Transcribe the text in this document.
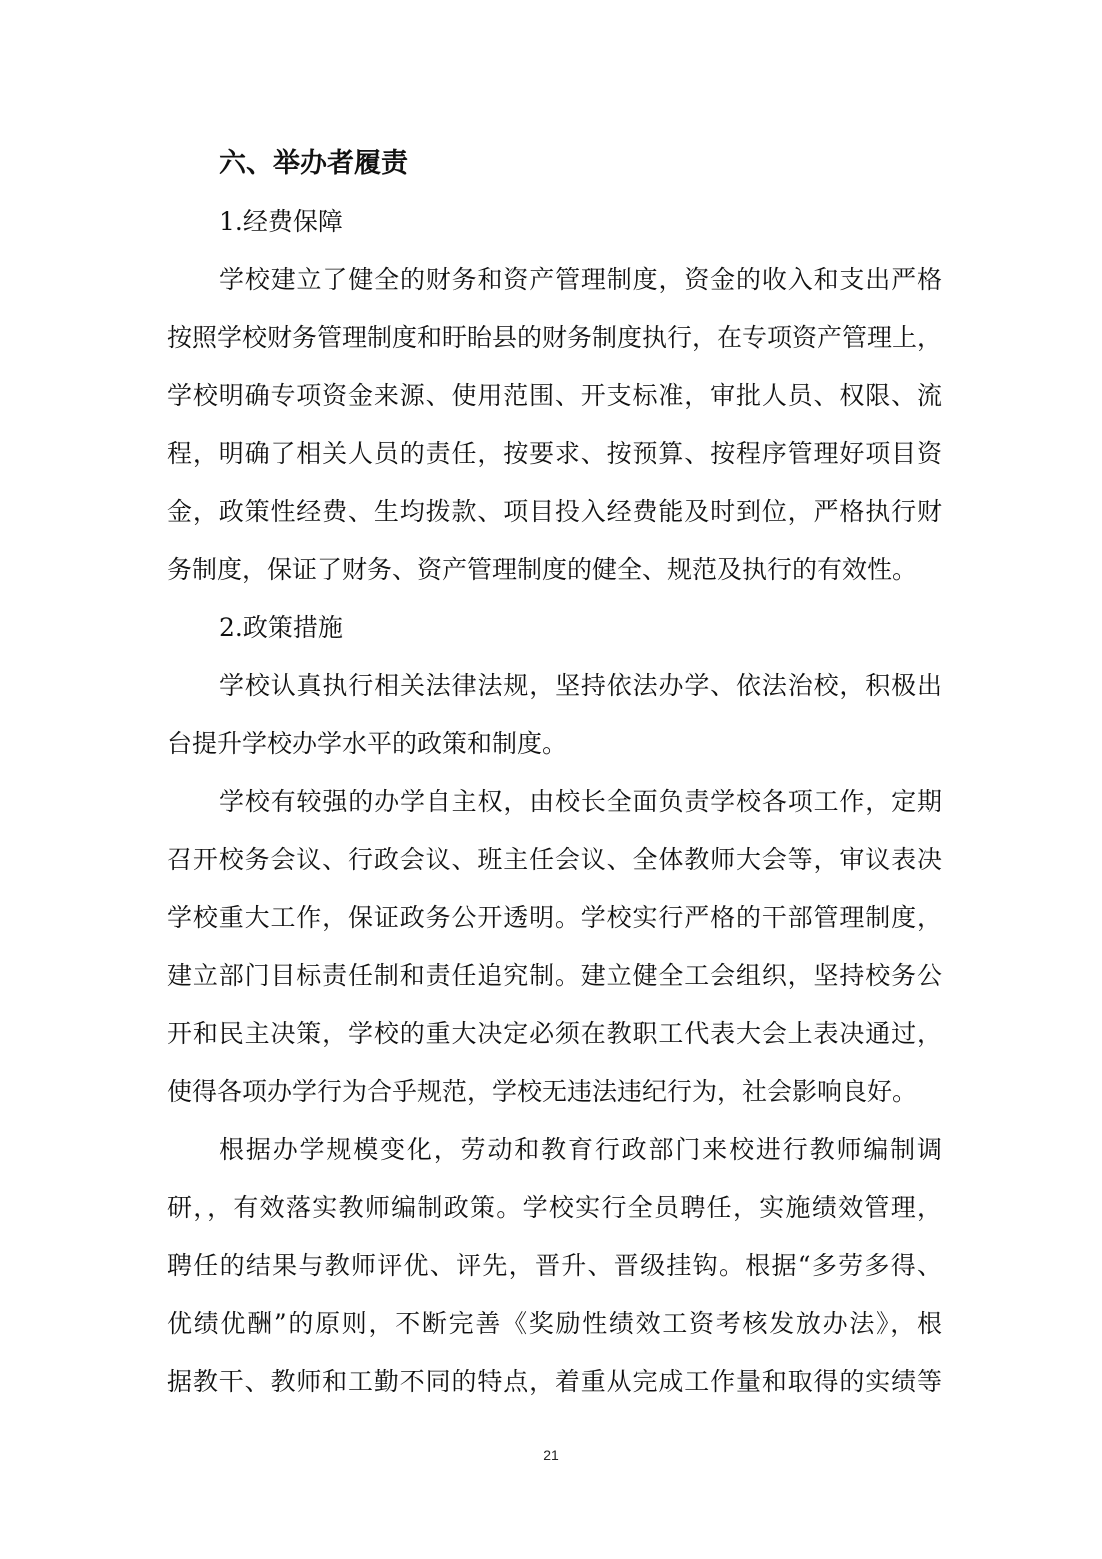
六、举办者履责
1.经费保障
学校建立了健全的财务和资产管理制度，资金的收入和支出严格
按照学校财务管理制度和盱眙县的财务制度执行，在专项资产管理上，
学校明确专项资金来源、使用范围、开支标准，审批人员、权限、流
程，明确了相关人员的责任，按要求、按预算、按程序管理好项目资
金，政策性经费、生均拨款、项目投入经费能及时到位，严格执行财
务制度，保证了财务、资产管理制度的健全、规范及执行的有效性。
2.政策措施
学校认真执行相关法律法规，坚持依法办学、依法治校，积极出
台提升学校办学水平的政策和制度。
学校有较强的办学自主权，由校长全面负责学校各项工作，定期
召开校务会议、行政会议、班主任会议、全体教师大会等，审议表决
学校重大工作，保证政务公开透明。学校实行严格的干部管理制度，
建立部门目标责任制和责任追究制。建立健全工会组织，坚持校务公
开和民主决策，学校的重大决定必须在教职工代表大会上表决通过，
使得各项办学行为合乎规范，学校无违法违纪行为，社会影响良好。
根据办学规模变化，劳动和教育行政部门来校进行教师编制调
研，，有效落实教师编制政策。学校实行全员聘任，实施绩效管理，
聘任的结果与教师评优、评先，晋升、晋级挂钩。根据“多劳多得、
优绩优酬”的原则，不断完善《奖励性绩效工资考核发放办法》，根
据教干、教师和工勤不同的特点，着重从完成工作量和取得的实绩等
21
